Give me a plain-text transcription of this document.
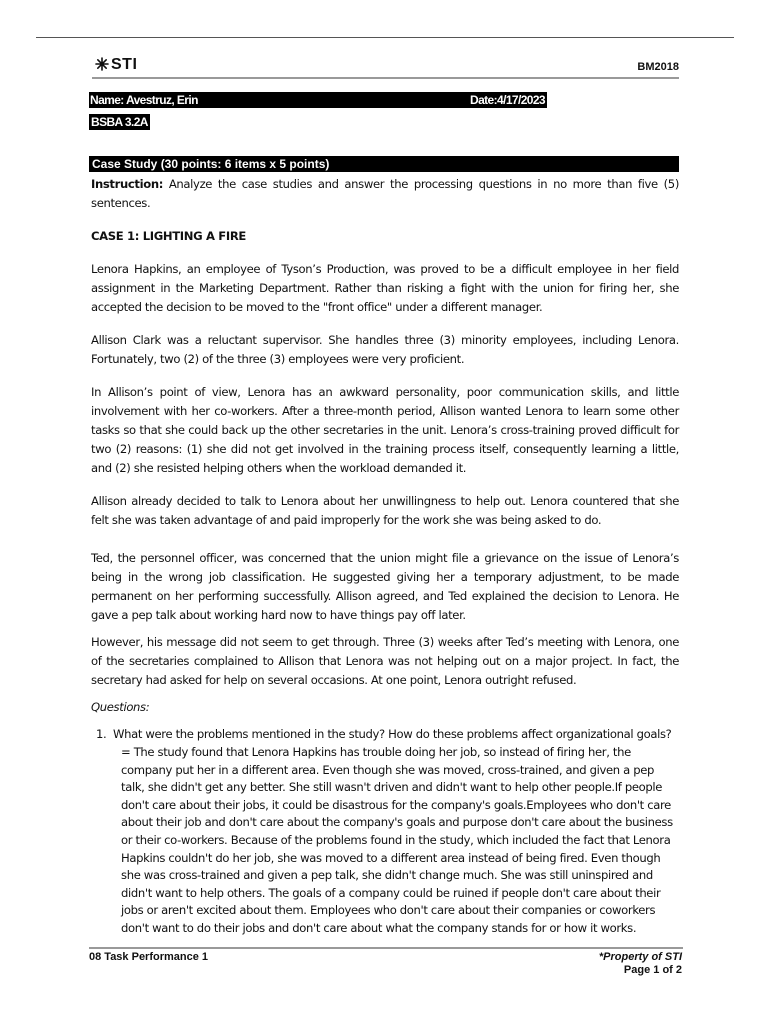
STI	BM2018
Name: Avestruz, Erin	Date:4/17/2023
BSBA 3.2A
Case Study (30 points: 6 items x 5 points)

Instruction: Analyze the case studies and answer the processing questions in no more than five (5) sentences.

CASE 1: LIGHTING A FIRE

Lenora Hapkins, an employee of Tyson’s Production, was proved to be a difficult employee in her field assignment in the Marketing Department. Rather than risking a fight with the union for firing her, she accepted the decision to be moved to the "front office" under a different manager.

Allison Clark was a reluctant supervisor. She handles three (3) minority employees, including Lenora. Fortunately, two (2) of the three (3) employees were very proficient.

In Allison’s point of view, Lenora has an awkward personality, poor communication skills, and little involvement with her co-workers. After a three-month period, Allison wanted Lenora to learn some other tasks so that she could back up the other secretaries in the unit. Lenora’s cross-training proved difficult for two (2) reasons: (1) she did not get involved in the training process itself, consequently learning a little, and (2) she resisted helping others when the workload demanded it.

Allison already decided to talk to Lenora about her unwillingness to help out. Lenora countered that she felt she was taken advantage of and paid improperly for the work she was being asked to do.

Ted, the personnel officer, was concerned that the union might file a grievance on the issue of Lenora’s being in the wrong job classification. He suggested giving her a temporary adjustment, to be made permanent on her performing successfully. Allison agreed, and Ted explained the decision to Lenora. He gave a pep talk about working hard now to have things pay off later.

However, his message did not seem to get through. Three (3) weeks after Ted’s meeting with Lenora, one of the secretaries complained to Allison that Lenora was not helping out on a major project. In fact, the secretary had asked for help on several occasions. At one point, Lenora outright refused.

Questions:

1. What were the problems mentioned in the study? How do these problems affect organizational goals?
= The study found that Lenora Hapkins has trouble doing her job, so instead of firing her, the company put her in a different area. Even though she was moved, cross-trained, and given a pep talk, she didn't get any better. She still wasn't driven and didn't want to help other people.If people don't care about their jobs, it could be disastrous for the company's goals.Employees who don't care about their job and don't care about the company's goals and purpose don't care about the business or their co-workers. Because of the problems found in the study, which included the fact that Lenora Hapkins couldn't do her job, she was moved to a different area instead of being fired. Even though she was cross-trained and given a pep talk, she didn't change much. She was still uninspired and didn't want to help others. The goals of a company could be ruined if people don't care about their jobs or aren't excited about them. Employees who don't care about their companies or coworkers don't want to do their jobs and don't care about what the company stands for or how it works.
08 Task Performance 1	*Property of STI
Page 1 of 2
